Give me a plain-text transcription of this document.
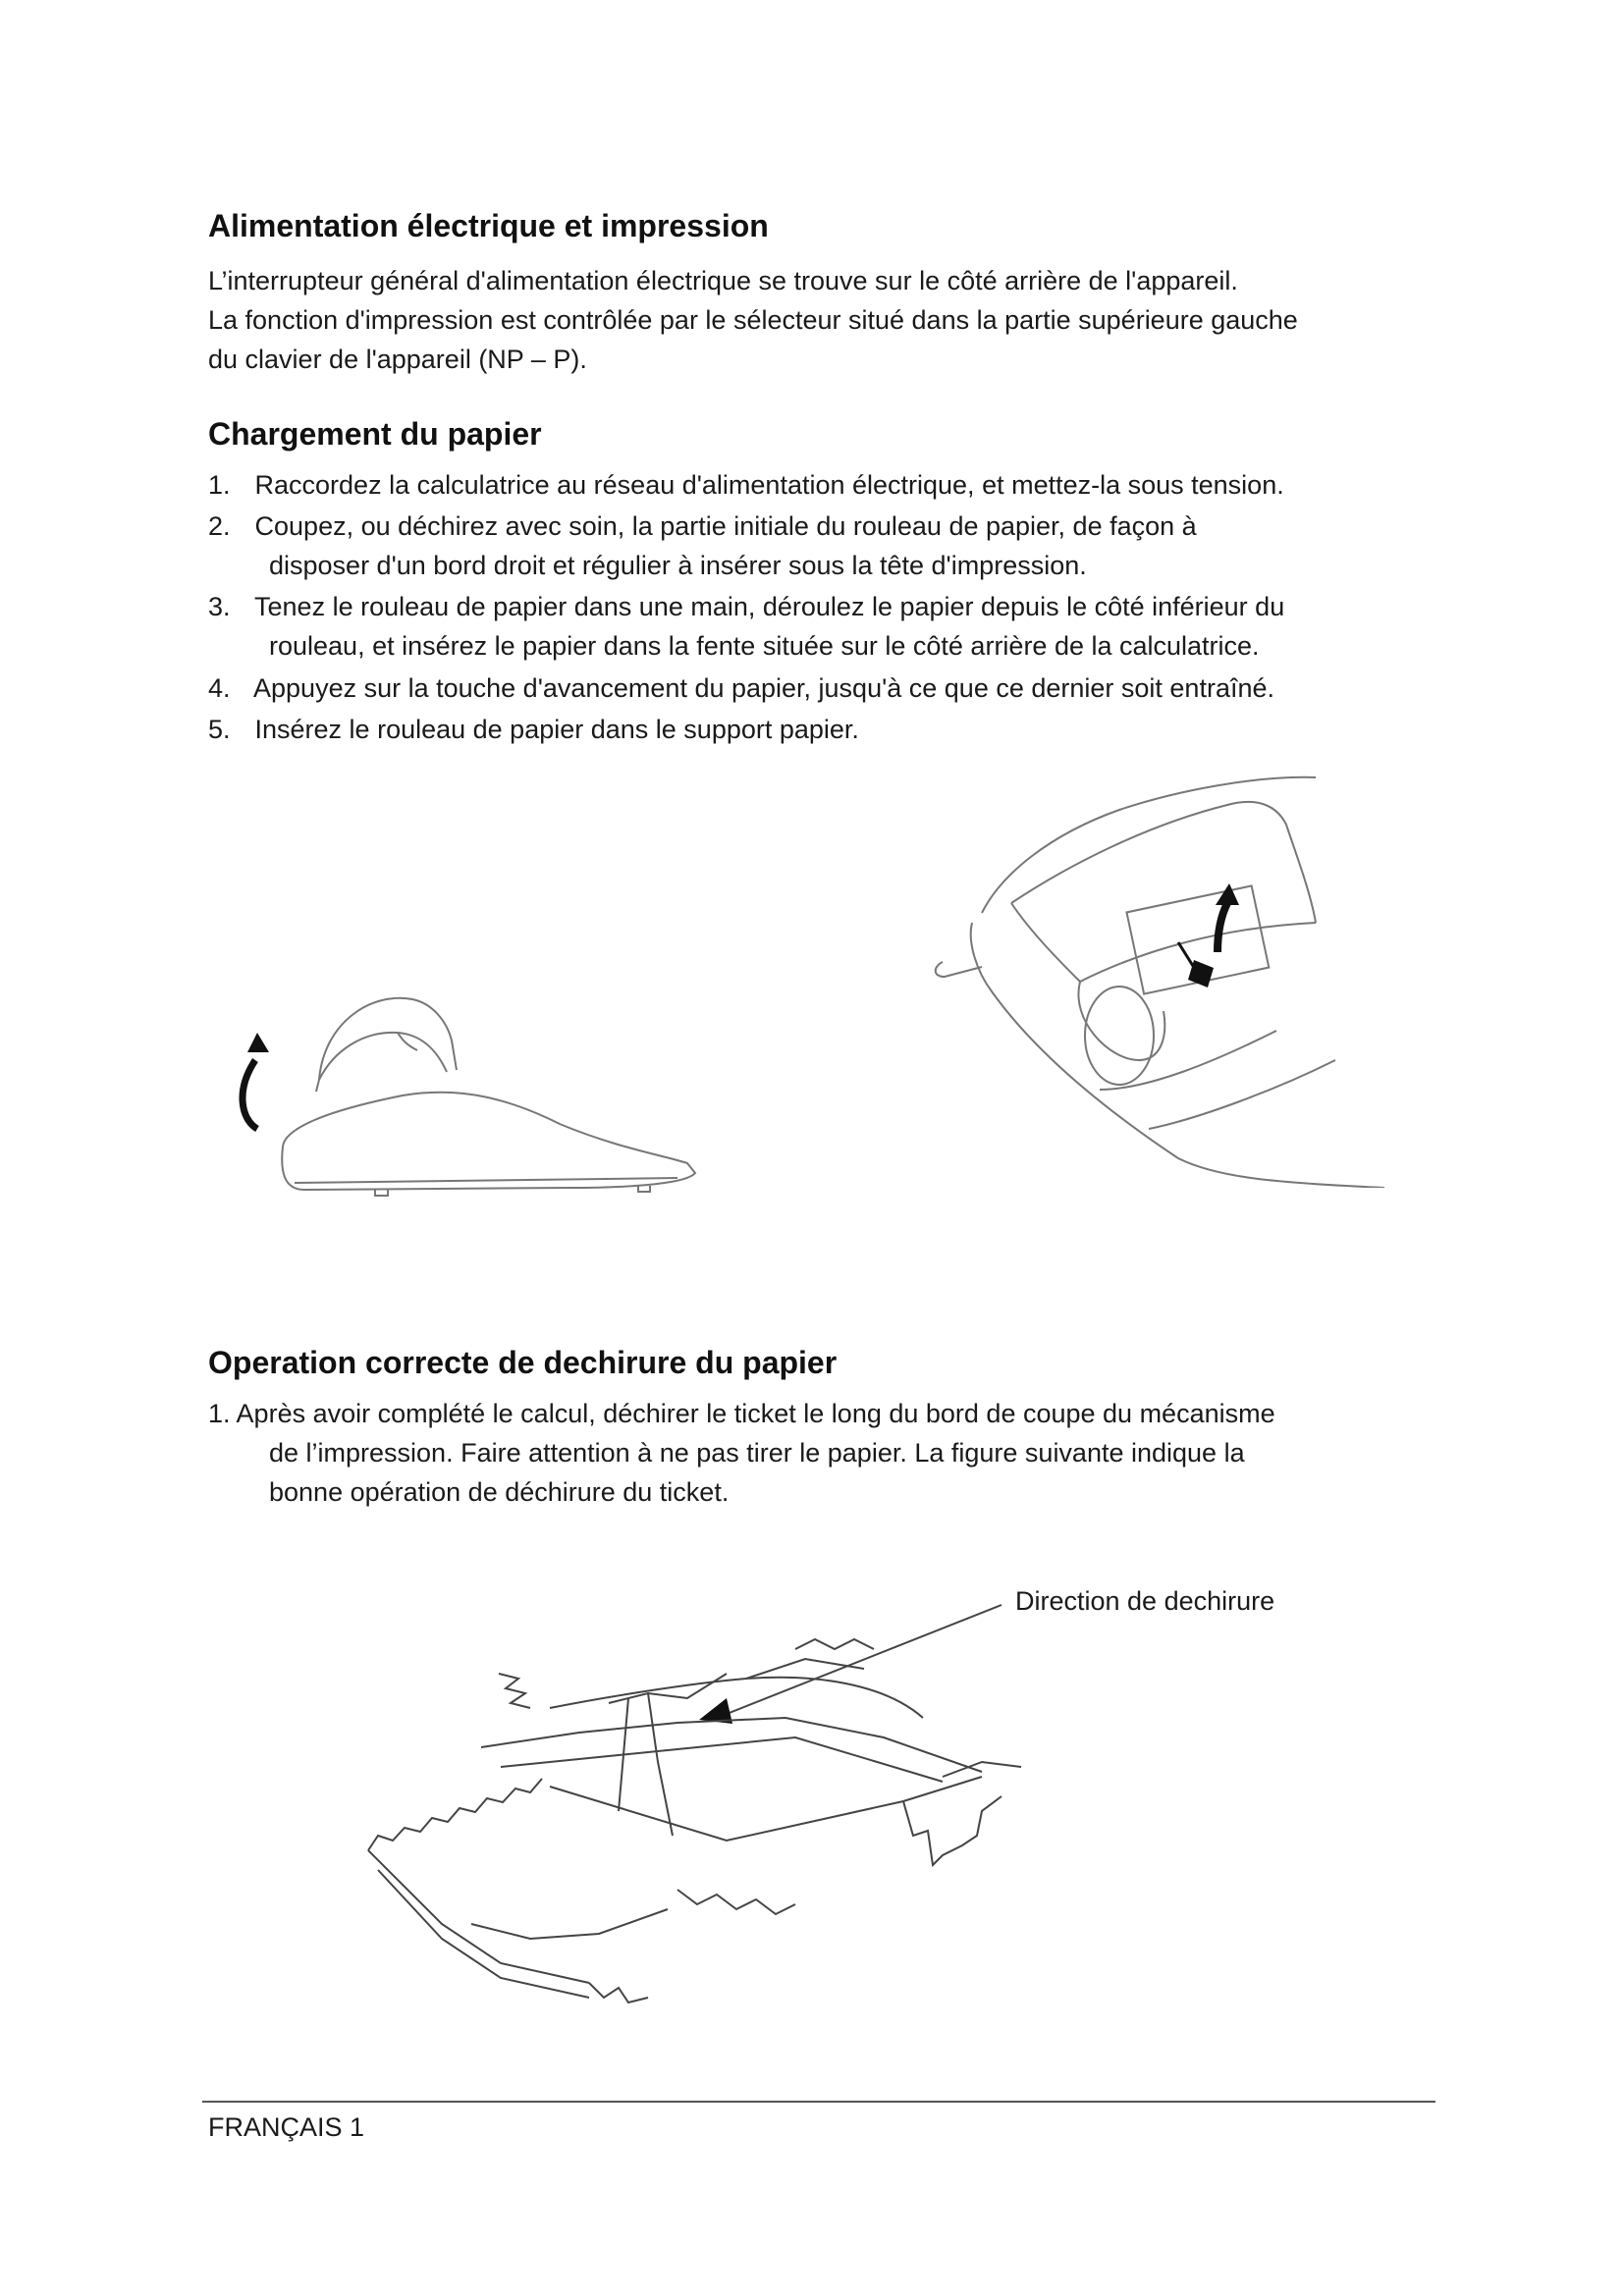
Alimentation électrique et impression

L’interrupteur général d'alimentation électrique se trouve sur le côté arrière de l'appareil.
La fonction d'impression est contrôlée par le sélecteur situé dans la partie supérieure gauche
du clavier de l'appareil (NP – P).

Chargement du papier
1. Raccordez la calculatrice au réseau d'alimentation électrique, et mettez-la sous tension.
2. Coupez, ou déchirez avec soin, la partie initiale du rouleau de papier, de façon à
disposer d'un bord droit et régulier à insérer sous la tête d'impression.
3. Tenez le rouleau de papier dans une main, déroulez le papier depuis le côté inférieur du
rouleau, et insérez le papier dans la fente située sur le côté arrière de la calculatrice.
4. Appuyez sur la touche d'avancement du papier, jusqu'à ce que ce dernier soit entraîné.
5. Insérez le rouleau de papier dans le support papier.
Operation correcte de dechirure du papier
1. Après avoir complété le calcul, déchirer le ticket le long du bord de coupe du mécanisme
de l’impression. Faire attention à ne pas tirer le papier. La figure suivante indique la
bonne opération de déchirure du ticket.

Direction de dechirure

FRANÇAIS 1
